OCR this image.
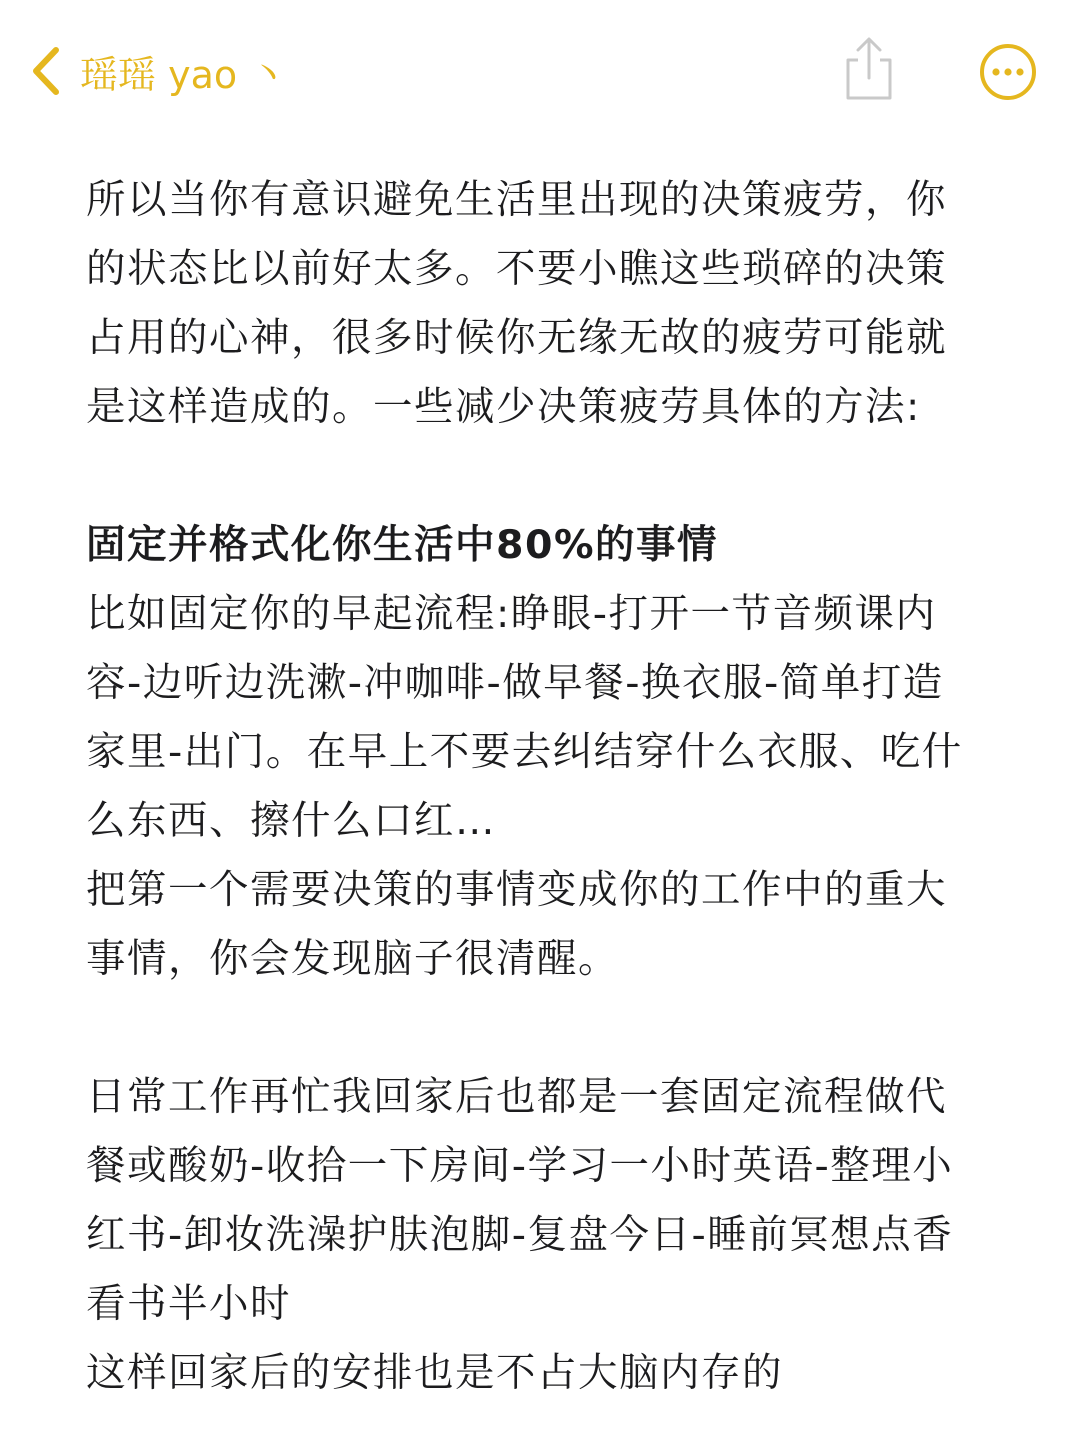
瑶瑶 yao 丶

所以当你有意识避免生活里出现的决策疲劳，你
的状态比以前好太多。不要小瞧这些琐碎的决策
占用的心神，很多时候你无缘无故的疲劳可能就
是这样造成的。一些减少决策疲劳具体的方法:

固定并格式化你生活中80%的事情

比如固定你的早起流程:睁眼-打开一节音频课内
容-边听边洗漱-冲咖啡-做早餐-换衣服-简单打造
家里-出门。在早上不要去纠结穿什么衣服、吃什
么东西、擦什么口红…
把第一个需要决策的事情变成你的工作中的重大
事情，你会发现脑子很清醒。

日常工作再忙我回家后也都是一套固定流程做代
餐或酸奶-收拾一下房间-学习一小时英语-整理小
红书-卸妆洗澡护肤泡脚-复盘今日-睡前冥想点香
看书半小时
这样回家后的安排也是不占大脑内存的
